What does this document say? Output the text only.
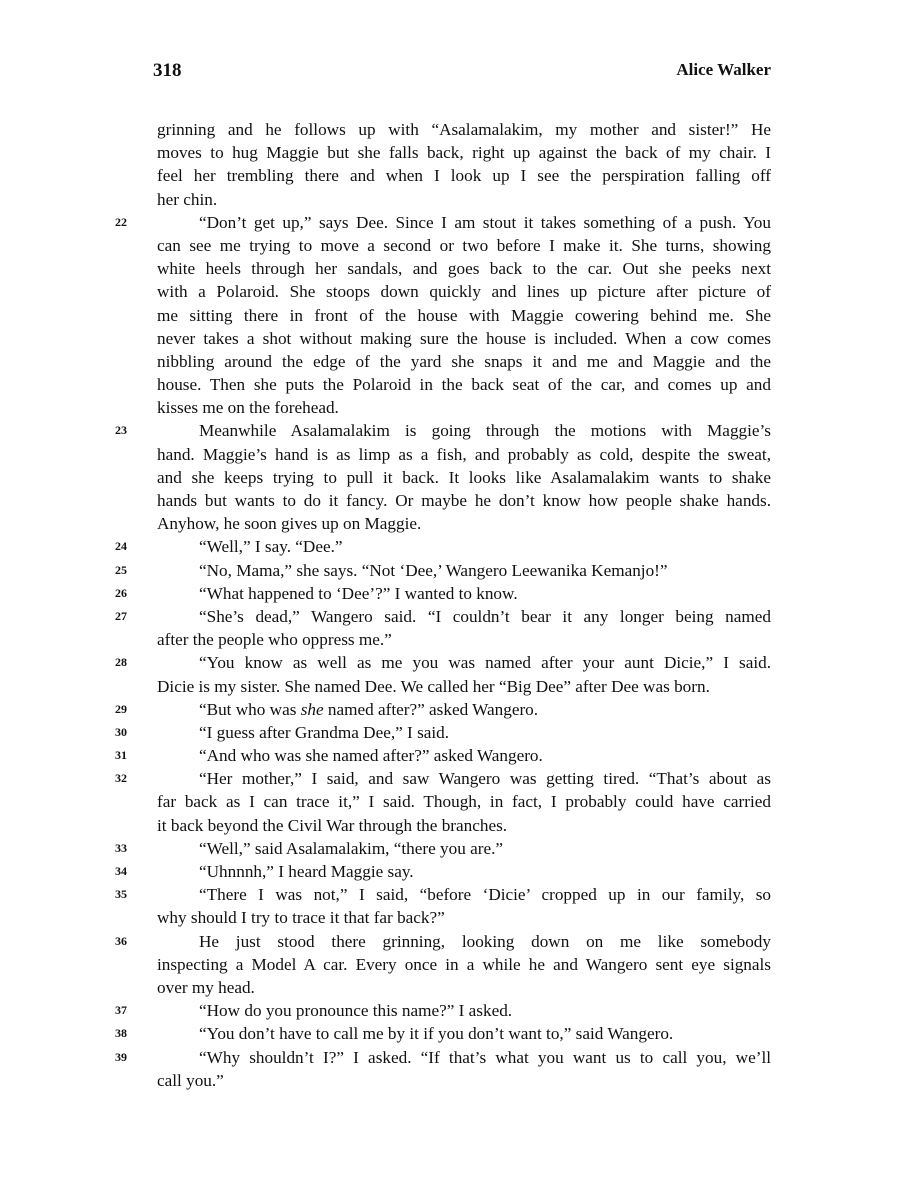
318	Alice Walker
grinning and he follows up with “Asalamalakim, my mother and sister!” He
moves to hug Maggie but she falls back, right up against the back of my chair. I
feel her trembling there and when I look up I see the perspiration falling off
her chin.
22	“Don’t get up,” says Dee. Since I am stout it takes something of a push. You
can see me trying to move a second or two before I make it. She turns, showing
white heels through her sandals, and goes back to the car. Out she peeks next
with a Polaroid. She stoops down quickly and lines up picture after picture of
me sitting there in front of the house with Maggie cowering behind me. She
never takes a shot without making sure the house is included. When a cow comes
nibbling around the edge of the yard she snaps it and me and Maggie and the
house. Then she puts the Polaroid in the back seat of the car, and comes up and
kisses me on the forehead.
23	Meanwhile Asalamalakim is going through the motions with Maggie’s
hand. Maggie’s hand is as limp as a fish, and probably as cold, despite the sweat,
and she keeps trying to pull it back. It looks like Asalamalakim wants to shake
hands but wants to do it fancy. Or maybe he don’t know how people shake hands.
Anyhow, he soon gives up on Maggie.
24	“Well,” I say. “Dee.”
25	“No, Mama,” she says. “Not ‘Dee,’ Wangero Leewanika Kemanjo!”
26	“What happened to ‘Dee’?” I wanted to know.
27	“She’s dead,” Wangero said. “I couldn’t bear it any longer being named
after the people who oppress me.”
28	“You know as well as me you was named after your aunt Dicie,” I said.
Dicie is my sister. She named Dee. We called her “Big Dee” after Dee was born.
29	“But who was she named after?” asked Wangero.
30	“I guess after Grandma Dee,” I said.
31	“And who was she named after?” asked Wangero.
32	“Her mother,” I said, and saw Wangero was getting tired. “That’s about as
far back as I can trace it,” I said. Though, in fact, I probably could have carried
it back beyond the Civil War through the branches.
33	“Well,” said Asalamalakim, “there you are.”
34	“Uhnnnh,” I heard Maggie say.
35	“There I was not,” I said, “before ‘Dicie’ cropped up in our family, so
why should I try to trace it that far back?”
36	He just stood there grinning, looking down on me like somebody
inspecting a Model A car. Every once in a while he and Wangero sent eye signals
over my head.
37	“How do you pronounce this name?” I asked.
38	“You don’t have to call me by it if you don’t want to,” said Wangero.
39	“Why shouldn’t I?” I asked. “If that’s what you want us to call you, we’ll
call you.”
